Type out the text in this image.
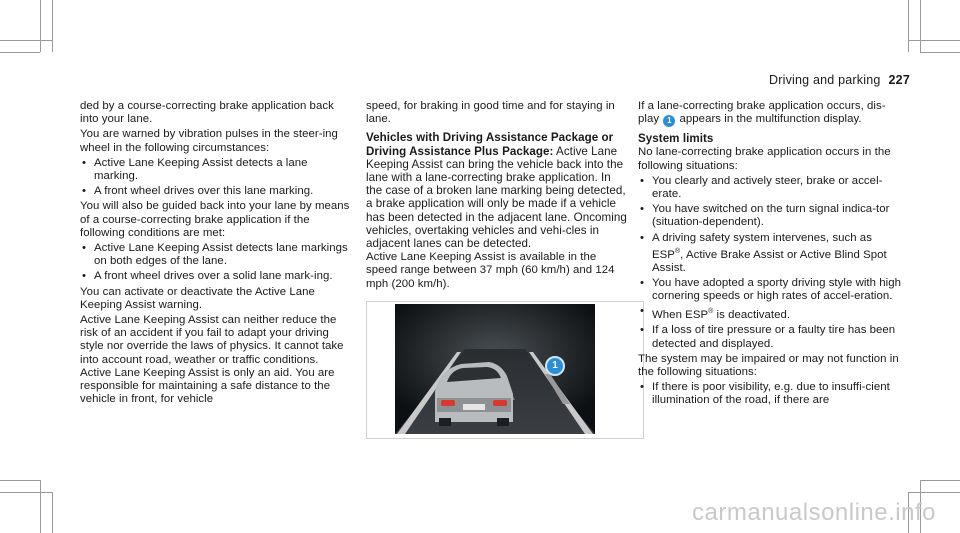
Driving and parking 227

ded by a course-correcting brake application back into your lane.

You are warned by vibration pulses in the steer-ing wheel in the following circumstances:

• Active Lane Keeping Assist detects a lane marking.
• A front wheel drives over this lane marking.

You will also be guided back into your lane by means of a course-correcting brake application if the following conditions are met:

• Active Lane Keeping Assist detects lane markings on both edges of the lane.
• A front wheel drives over a solid lane mark-ing.

You can activate or deactivate the Active Lane Keeping Assist warning.

Active Lane Keeping Assist can neither reduce the risk of an accident if you fail to adapt your driving style nor override the laws of physics. It cannot take into account road, weather or traffic conditions. Active Lane Keeping Assist is only an aid. You are responsible for maintaining a safe distance to the vehicle in front, for vehicle

speed, for braking in good time and for staying in lane.

Vehicles with Driving Assistance Package or Driving Assistance Plus Package: Active Lane Keeping Assist can bring the vehicle back into the lane with a lane-correcting brake application. In the case of a broken lane marking being detected, a brake application will only be made if a vehicle has been detected in the adjacent lane. Oncoming vehicles, overtaking vehicles and vehi-cles in adjacent lanes can be detected.

Active Lane Keeping Assist is available in the speed range between 37 mph (60 km/h) and 124 mph (200 km/h).

1

If a lane-correcting brake application occurs, dis-play 1 appears in the multifunction display.

System limits

No lane-correcting brake application occurs in the following situations:

• You clearly and actively steer, brake or accel-erate.
• You have switched on the turn signal indica-tor (situation-dependent).
• A driving safety system intervenes, such as ESP®, Active Brake Assist or Active Blind Spot Assist.
• You have adopted a sporty driving style with high cornering speeds or high rates of accel-eration.
• When ESP® is deactivated.
• If a loss of tire pressure or a faulty tire has been detected and displayed.

The system may be impaired or may not function in the following situations:

• If there is poor visibility, e.g. due to insuffi-cient illumination of the road, if there are
carmanualsonline.info
